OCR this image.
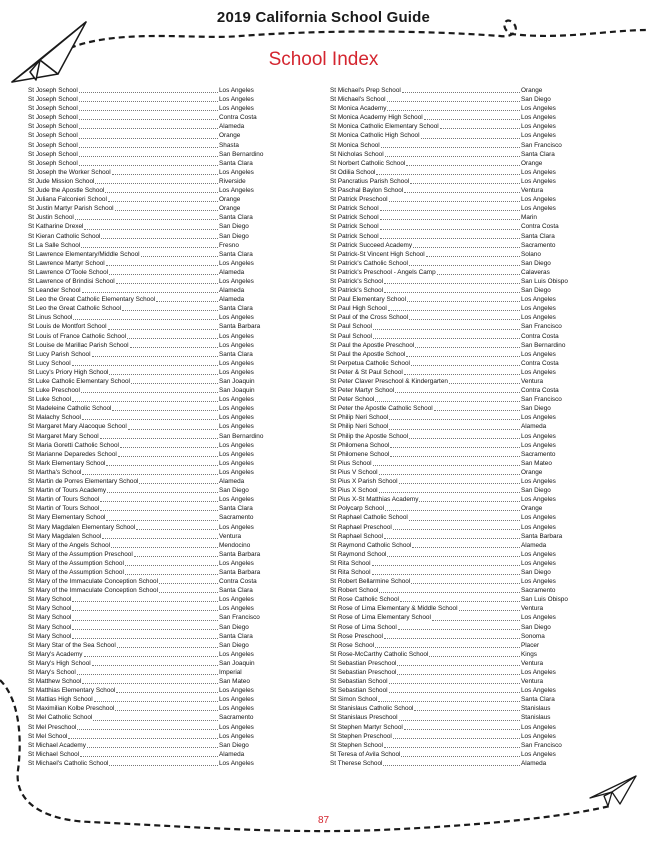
2019 California School Guide
School Index
St Joseph School	Los Angeles
St Joseph School	Los Angeles
St Joseph School	Los Angeles
St Joseph School	Contra Costa
St Joseph School	Alameda
St Joseph School	Orange
St Joseph School	Shasta
St Joseph School	San Bernardino
St Joseph School	Santa Clara
St Joseph the Worker School	Los Angeles
St Jude Mission School	Riverside
St Jude the Apostle School	Los Angeles
St Juliana Falconieri School	Orange
St Justin Martyr Parish School	Orange
St Justin School	Santa Clara
St Katharine Drexel	San Diego
St Kieran Catholic School	San Diego
St La Salle School	Fresno
St Lawrence Elementary/Middle School	Santa Clara
St Lawrence Martyr School	Los Angeles
St Lawrence O'Toole School	Alameda
St Lawrence of Brindisi School	Los Angeles
St Leander School	Alameda
St Leo the Great Catholic Elementary School	Alameda
St Leo the Great Catholic School	Santa Clara
St Linus School	Los Angeles
St Louis de Montfort School	Santa Barbara
St Louis of France Catholic School	Los Angeles
St Louise de Marillac Parish School	Los Angeles
St Lucy Parish School	Santa Clara
St Lucy School	Los Angeles
St Lucy's Priory High School	Los Angeles
St Luke Catholic Elementary School	San Joaquin
St Luke Preschool	San Joaquin
St Luke School	Los Angeles
St Madeleine Catholic School	Los Angeles
St Malachy School	Los Angeles
St Margaret Mary Alacoque School	Los Angeles
St Margaret Mary School	San Bernardino
St Maria Goretti Catholic School	Los Angeles
St Marianne Deparedes School	Los Angeles
St Mark Elementary School	Los Angeles
St Martha's School	Los Angeles
St Martin de Porres Elementary School	Alameda
St Martin of Tours Academy	San Diego
St Martin of Tours School	Los Angeles
St Martin of Tours School	Santa Clara
St Mary Elementary School	Sacramento
St Mary Magdalen Elementary School	Los Angeles
St Mary Magdalen School	Ventura
St Mary of the Angels School	Mendocino
St Mary of the Assumption Preschool	Santa Barbara
St Mary of the Assumption School	Los Angeles
St Mary of the Assumption School	Santa Barbara
St Mary of the Immaculate Conception School	Contra Costa
St Mary of the Immaculate Conception School	Santa Clara
St Mary School	Los Angeles
St Mary School	Los Angeles
St Mary School	San Francisco
St Mary School	San Diego
St Mary School	Santa Clara
St Mary Star of the Sea School	San Diego
St Mary's Academy	Los Angeles
St Mary's High School	San Joaquin
St Mary's School	Imperial
St Matthew School	San Mateo
St Matthias Elementary School	Los Angeles
St Mattias High School	Los Angeles
St Maximilian Kolbe Preschool	Los Angeles
St Mel Catholic School	Sacramento
St Mel Preschool	Los Angeles
St Mel School	Los Angeles
St Michael Academy	San Diego
St Michael School	Alameda
St Michael's Catholic School	Los Angeles
St Michael's Prep School	Orange
St Michael's School	San Diego
St Monica Academy	Los Angeles
St Monica Academy High School	Los Angeles
St Monica Catholic Elementary School	Los Angeles
St Monica Catholic High School	Los Angeles
St Monica School	San Francisco
St Nicholas School	Santa Clara
St Norbert Catholic School	Orange
St Odilia School	Los Angeles
St Pancratius Parish School	Los Angeles
St Paschal Baylon School	Ventura
St Patrick Preschool	Los Angeles
St Patrick School	Los Angeles
St Patrick School	Marin
St Patrick School	Contra Costa
St Patrick School	Santa Clara
St Patrick Succeed Academy	Sacramento
St Patrick-St Vincent High School	Solano
St Patrick's Catholic School	San Diego
St Patrick's Preschool - Angels Camp	Calaveras
St Patrick's School	San Luis Obispo
St Patrick's School	San Diego
St Paul Elementary School	Los Angeles
St Paul High School	Los Angeles
St Paul of the Cross School	Los Angeles
St Paul School	San Francisco
St Paul School	Contra Costa
St Paul the Apostle Preschool	San Bernardino
St Paul the Apostle School	Los Angeles
St Perpetua Catholic School	Contra Costa
St Peter & St Paul School	Los Angeles
St Peter Claver Preschool & Kindergarten	Ventura
St Peter Martyr School	Contra Costa
St Peter School	San Francisco
St Peter the Apostle Catholic School	San Diego
St Philip Neri School	Los Angeles
St Philip Neri School	Alameda
St Philip the Apostle School	Los Angeles
St Philomena School	Los Angeles
St Philomene School	Sacramento
St Pius School	San Mateo
St Pius V School	Orange
St Pius X Parish School	Los Angeles
St Pius X School	San Diego
St Pius X-St Matthias Academy	Los Angeles
St Polycarp School	Orange
St Raphael Catholic School	Los Angeles
St Raphael Preschool	Los Angeles
St Raphael School	Santa Barbara
St Raymond Catholic School	Alameda
St Raymond School	Los Angeles
St Rita School	Los Angeles
St Rita School	San Diego
St Robert Bellarmine School	Los Angeles
St Robert School	Sacramento
St Rose Catholic School	San Luis Obispo
St Rose of Lima Elementary & Middle School	Ventura
St Rose of Lima Elementary School	Los Angeles
St Rose of Lima School	San Diego
St Rose Preschool	Sonoma
St Rose School	Placer
St Rose-McCarthy Catholic School	Kings
St Sebastian Preschool	Ventura
St Sebastian Preschool	Los Angeles
St Sebastian School	Ventura
St Sebastian School	Los Angeles
St Simon School	Santa Clara
St Stanislaus Catholic School	Stanislaus
St Stanislaus Preschool	Stanislaus
St Stephen Martyr School	Los Angeles
St Stephen Preschool	Los Angeles
St Stephen School	San Francisco
St Teresa of Avila School	Los Angeles
St Therese School	Alameda
87
